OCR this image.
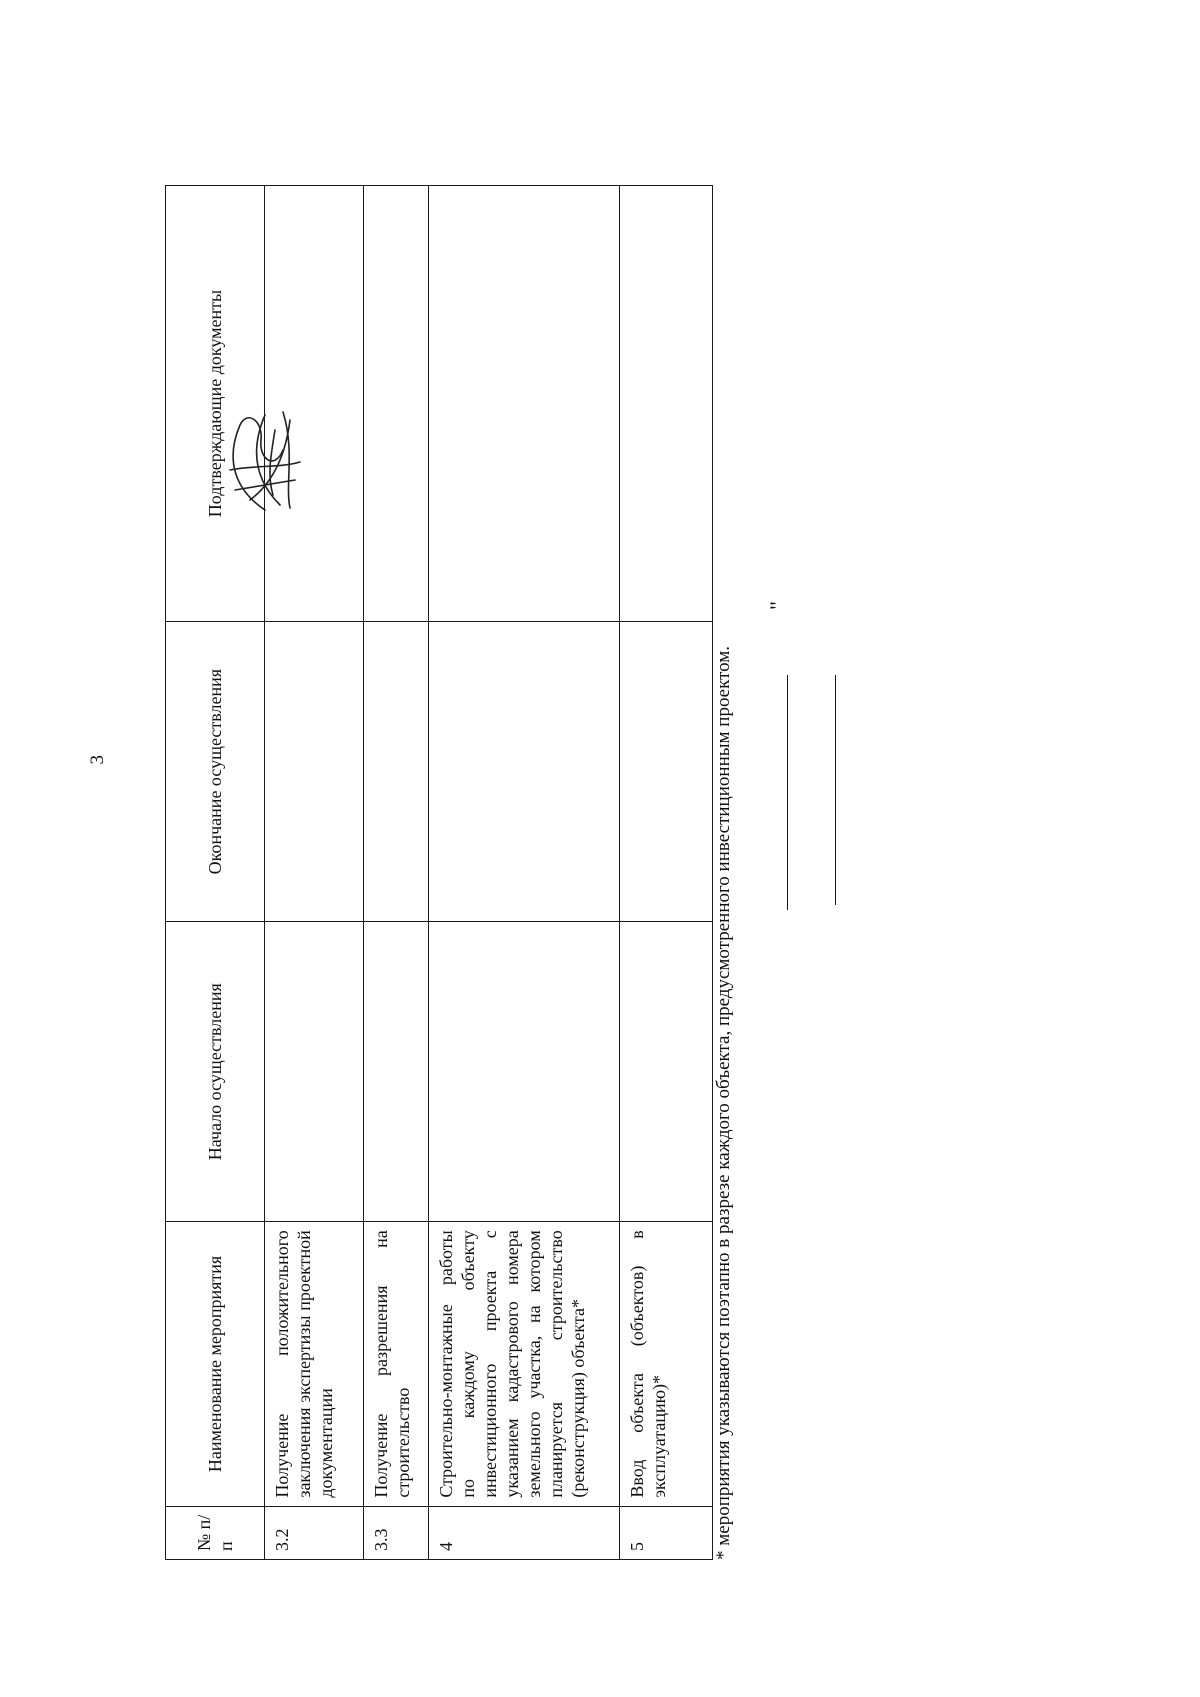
3
№ п/п	Наименование мероприятия	Начало осуществления	Окончание осуществления	Подтверждающие документы
3.2	Получение положительного заключения экспертизы проектной документации			
3.3	Получение разрешения на строительство			
4	Строительно-монтажные работы по каждому объекту инвестиционного проекта с указанием кадастрового номера земельного участка, на котором планируется строительство (реконструкция) объекта*			
5	Ввод объекта (объектов) в эксплуатацию)*			* мероприятия указываются поэтапно в разрезе каждого объекта, предусмотренного инвестиционным проектом.
"
